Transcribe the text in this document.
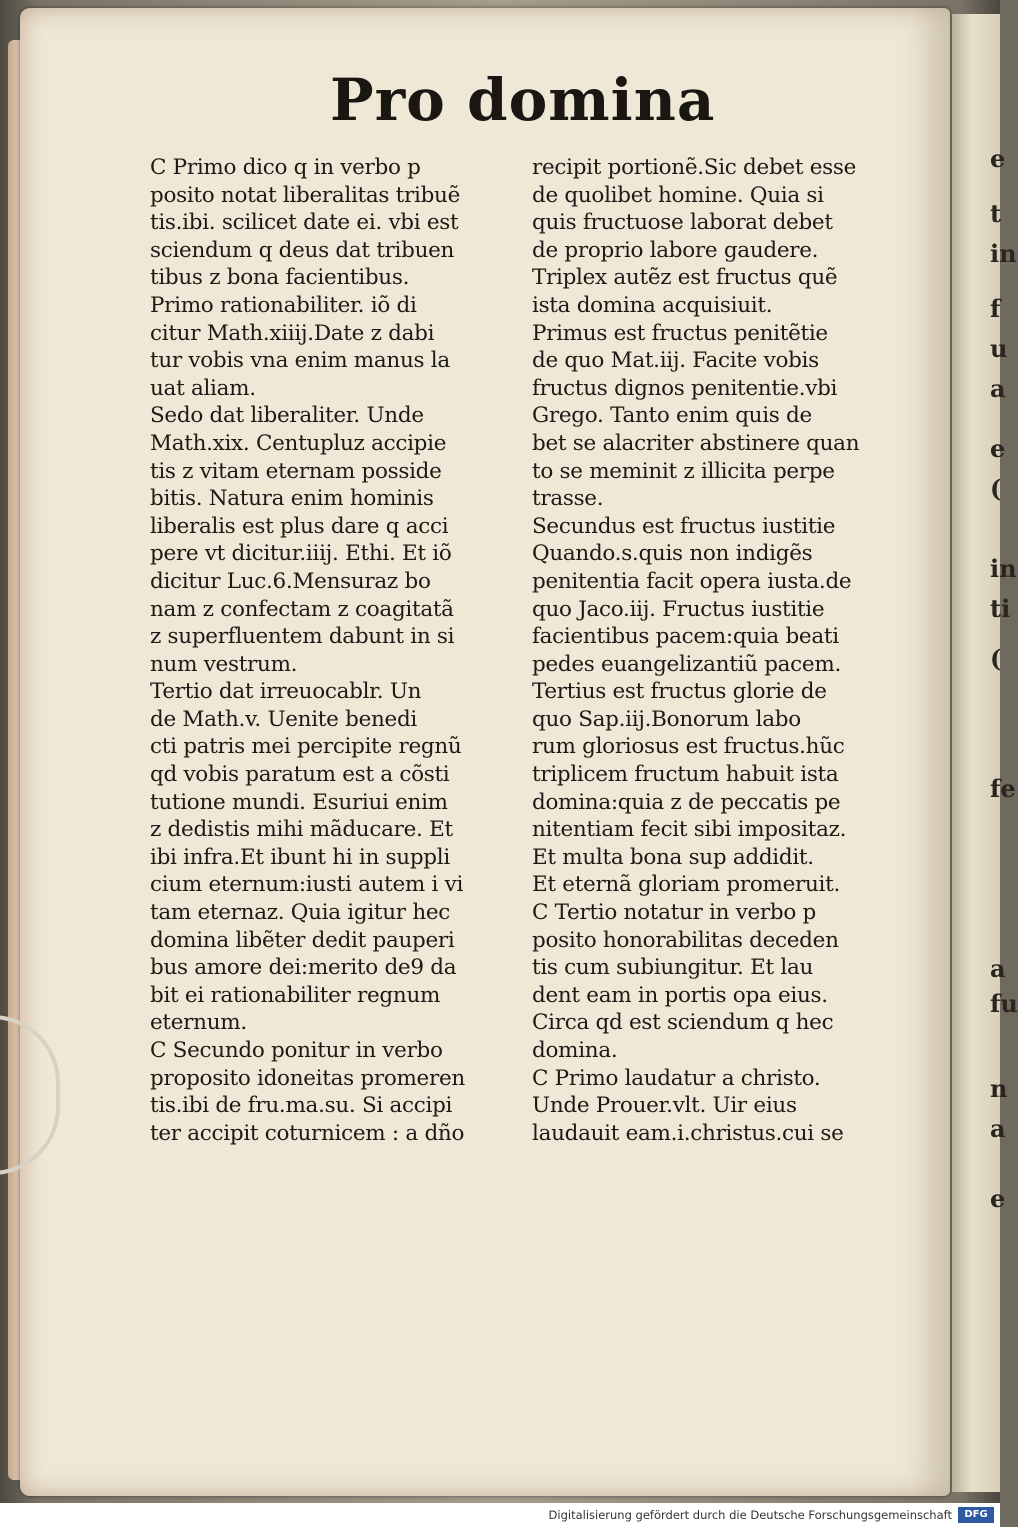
e
t
in
f
u
a
e
(
in
ti
(
fe
a
fu
n
a
e
Pro domina
C Primo dico q in verbo p
posito notat liberalitas tribuẽ
tis.ibi. scilicet date ei. vbi est
sciendum q deus dat tribuen
tibus z bona facientibus.
Primo rationabiliter. iõ di
citur Math.xiiij.Date z dabi
tur vobis vna enim manus la
uat aliam.
Sedo dat liberaliter. Unde
Math.xix. Centupluz accipie
tis z vitam eternam posside
bitis. Natura enim hominis
liberalis est plus dare q acci
pere vt dicitur.iiij. Ethi. Et iõ
dicitur Luc.6.Mensuraz bo
nam z confectam z coagitatã
z superfluentem dabunt in si
num vestrum.
Tertio dat irreuocablr. Un
de Math.v. Uenite benedi
cti patris mei percipite regnũ
qd vobis paratum est a cõsti
tutione mundi. Esuriui enim
z dedistis mihi mãducare. Et
ibi infra.Et ibunt hi in suppli
cium eternum:iusti autem i vi
tam eternaz. Quia igitur hec
domina libẽter dedit pauperi
bus amore dei:merito de9 da
bit ei rationabiliter regnum
eternum.
C Secundo ponitur in verbo
proposito idoneitas promeren
tis.ibi de fru.ma.su. Si accipi
ter accipit coturnicem : a dño
recipit portionẽ.Sic debet esse
de quolibet homine. Quia si
quis fructuose laborat debet
de proprio labore gaudere.
Triplex autẽz est fructus quẽ
ista domina acquisiuit.
Primus est fructus penitẽtie
de quo Mat.iij. Facite vobis
fructus dignos penitentie.vbi
Grego. Tanto enim quis de
bet se alacriter abstinere quan
to se meminit z illicita perpe
trasse.
Secundus est fructus iustitie
Quando.s.quis non indigẽs
penitentia facit opera iusta.de
quo Jaco.iij. Fructus iustitie
facientibus pacem:quia beati
pedes euangelizantiũ pacem.
Tertius est fructus glorie de
quo Sap.iij.Bonorum labo
rum gloriosus est fructus.hũc
triplicem fructum habuit ista
domina:quia z de peccatis pe
nitentiam fecit sibi impositaz.
Et multa bona sup addidit.
Et eternã gloriam promeruit.
C Tertio notatur in verbo p
posito honorabilitas deceden
tis cum subiungitur. Et lau
dent eam in portis opa eius.
Circa qd est sciendum q hec
domina.
C Primo laudatur a christo.
Unde Prouer.vlt. Uir eius
laudauit eam.i.christus.cui se
Digitalisierung gefördert durch die Deutsche Forschungsgemeinschaft	DFG
